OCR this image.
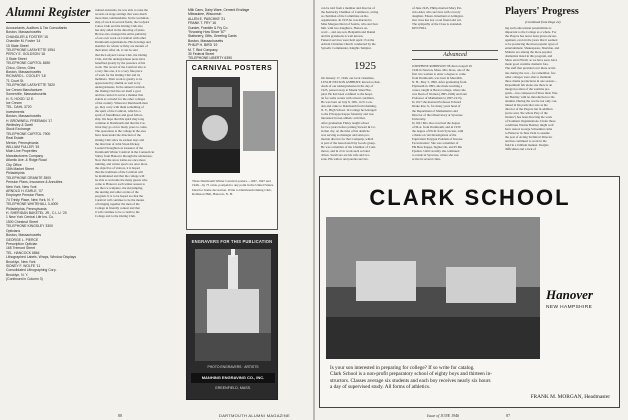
Alumni Register
Accountants, Auditors & Tax Consultants
Boston, Massachusetts
CHANDLER & FOSTER '15
Chandler M. Foster '14
15 State Street
TELEPHONE LAFAYETTE 1954
PERCY E. GOLDSON '18
3 State Street
TELEPHONE CAPITOL 8450
Chico, Glenn, Giles
Boston, Massachusetts
RICHARD L. COOLEY '18
71 Court St.
TELEPHONE LAFAYETTE 7820
Ice Cream Manufacturer
Somerville, Massachusetts
H. S. HOOD '12 E.
Ice Cream
TEL. DAHL 3720
Investments
Boston, Massachusetts
H. BROWNELL FREEMAN '17
Wellesley & Dwell
Stock Exchange
TELEPHONE CAPITOL 7900
Real Estate
Merion, Pennsylvania
WILLIAM FULLER '15
Main Line Properties
Manufacturers Company
Atlantic Ave. & Ridge Road
City Office
15th Market Street
Philadelphia
TELEPHONE GRANITE 3500
Pension Plans, Insurance & Annuities
New York, New York
ARNOLD H. EARLE, '07
Employee Pension Plans
74 Trinity Place, New York, N. Y.
TELEPHONE WHITEHALL 3-4000
Philadelphia, Pennsylvania
H. SHERIDAN BAKETEL JR., C.L.U. '20
1 New York Central Life Ins. Co.
1500 Chestnut Street
TELEPHONE KINGSLEY 3300
Opticians
Boston, Massachusetts
GEORGE L. PIERCE
Prescription Optician
165 Tremont Street
TEL. HANCOCK 6864
Lithographed Labels, Wraps, Window Displays
Brooklyn, New York
SIDNEY F. WOLFE '11
Consolidated Lithographing Corp.
Brooklyn, N. Y.
(Continued in Column 3)
trained assistants, he was able to raise the
records on stage settings that were much
more than commendable. In the workman-
ship of stock in several fields, the Ledyard
Canoe Club and the Outing Club also
has ably aided in the directing of plans.
He has also arranged the entire publicity
of our own work on Carnival with other
Dartmouth organizations. His drawings and
sketches for winter activity are models of
their kind. After all, it can be said
that the Ledyard Canoe Club, the Outing
Club, and the undergraduate press have
benefited greatly by the presence of his
work. The record of the Carnival also is
a very fine one, it is a very fine piece
of work for the Outing Club and its
members. Their work is greatly to be
appreciated by alumni as well as by
undergraduates. In the annual Carnival,
the Outing Club has set itself a goal
and has carried it out in a manner that
stands as a model for the other colleges
of the country. Wherever Dartmouth men
go, they carry with them something of
the spirit of the Carnival, which is a
spirit of friendliness and good fellow-
ship. We hope that this spirit may long
continue at Dartmouth and that the Car-
nival may go on for many years to come.
The operations at the college in the area
have been under the direction of the
Outing Club since its earliest days and
the direction of John Sloan Dickey.
Leonard Stoughton as treasurer of the
Dartmouth Winter Carnival in the Connecticut
Valley from Hanover through the wilderness.
Now that the snow trains are once more
running, and winter sports are once more
the objective of visitors, it is hoped
that the traditions of the Carnival will
be maintained and that the college will
be able to welcome the many guests who
come to Hanover each winter season to
see the ice sculpture, the ski jumping,
the skating and other events of the
program. It is to be hoped too that the
Carnival will continue to be the means
of bringing together the men of the
College in friendly contest and that
it will continue to be a credit to the
College and to the Outing Club.
Milk Cans, Dairy Ware, Cement Ensilage
Milwaukee, Wisconsin
ALLEN E. PASCHKE '21
FRANK T. FRY '16
Gunder, Franklin & Fry Co.
"Knowing How Since '87"
Stationery, Gifts, Greeting Cards
Boston, Massachusetts
PHILIP H. BIRD '19
M. T. Bird Company
30 Federal Street
TELEPHONE LIBERTY 6390
CARNIVAL POSTERS
Three Dartmouth Winter Carnival posters—1947, 1947 and 1946—by 75 cents, postpaid to any point in the United States. Ideal for home decoration. Write to Dartmouth Outing Club, Robinson Hall, Hanover, N. H.
ENGRAVERS FOR THIS PUBLICATION
PHOTO ENGRAVERS · ARTISTS
MANHING ENGRAVING CO., INC.
GREENFIELD, MASS.
88	DARTMOUTH ALUMNI MAGAZINE
can be told from a member and director of
the Kentucky Chamber of Commerce, acting
as chairman of the Committee on Re-
organization. In 1935 he was married to
Miss Margaret Reid of Seattle, who survives
him, with two daughters. Honors on-
ward ... and one son, Benjamin and Daniel
and his grandsons is well known.
Funeral services were held April 13 at the
Advent Christian Church conducted by the
Synodic Commander, Knights Templar.
1925
On January 17, 1946, our local classmate,
LESLIE NELSON ASHBURY, known to hun-
dreds of our undergraduates in his day of
1925, passed away at Mount Sinai Hos-
pital. He had been confined to the hospi-
tal for some weeks with a heart condition.
He was born on July 8, 1901, in N. Lon-
don and came to Dartmouth from Ossining,
N. Y., High School. In College he belonged
to the Pi Kappa Kappa fraternity and was
interested in non-athletic activities.
After graduation Finley taught school
for two years before joining Stewart & Co.
in that city. At the time of his death he
was serving as manager and sales pro-
motion director for that Company, which
is part of the Associated Dry Goods group.
He was a member of the Chamber of Com-
merce, and in civic work such as band
drives. Survivors are his wife and two
sons. His widow and parents survive.
of June 1945, Philip married Mary Pat-
ricia Ahel, who survives with a lovely
daughter, Eileen. Interment at Arlington.
Our class has lost a real friend and wit.
The sympathy of the Class is extended.
KEN HILL
Advanced
JOSEPHINE ROBINSON '08 died on April 29
1946 in Newton, Mass. Mrs. Ross, one of the
first two women to enter a degree to come
from Dartmouth, was born in Meredith,
N. H., May 3, 1896. After graduating from
Plymouth in 1895, she made teaching a
career, taught at Berea College, where she
was Dean of Women (1895-1906) and later
Professor of Mathematics (1897-1915).
In 1917 she married Professor Edward
Drake Roe Jr., for many years head of
the Department of Mathematics and
Director of the Observatory at Syracuse
University.
In 1921 Mrs. Roe received the degree
of M.A. from Dartmouth, and in 1930
the degree of Ph.D. from Syracuse, with
a thesis on 'An Investigation of the
Equivalent Polygon Problem of Inverse
Factorization.' She was a member of
Phi Beta Kappa, Sigma Chi, and Pi Mu
Epsilon. Until recently she continued
to reside in Syracuse, where she was
active in several clubs.
Players' Progress
(Continued from Page 24)
ing such educational potentialities is
important to the College as a whole. For
the Players has never been given encour-
agement, even in the years that it seemed
to be producing the most popular types of
entertainment. Shakespeare, Sheridan, and
Molière are among the more popular
dramatists listed in this program, and
Shaw and O'Neill, as we have seen, have
made good wartime dramatic fare.
The staff that presided over these activi-
ties during the war—for remember, few
other colleges were able to maintain
three drama productions in one season—
Department felt alone one there is an
integral portion of the wartime pro-
gram—was composed of three men: War-
ner Bentley with no introduction to the
Alumni. During the war he not only con-
tinued in his particular role as the
director of the Players but in addition
(as he said, 'the whole Play of the
Outlaw') has been directing the work
of Southern Organizations. Under those
conditions Warner Bentley might well
have rested. George Schoenhut came
to Hanover in June 1942 to assume
the post of Acting Technical Director
and has continued to work in the
field in a brilliant manner. Despite
difficulties and a lack of
CLARK SCHOOL
Hanover
NEW HAMPSHIRE
Is your son interested in preparing for college? If so write for catalog.
Clark School is a non-profit preparatory school of eighty boys and thirteen in-
structors. Classes average six students and each boy receives nearly six hours
a day of supervised study. All forms of athletics.
FRANK M. MORGAN, Headmaster
Issue of JUNE 1946	87
